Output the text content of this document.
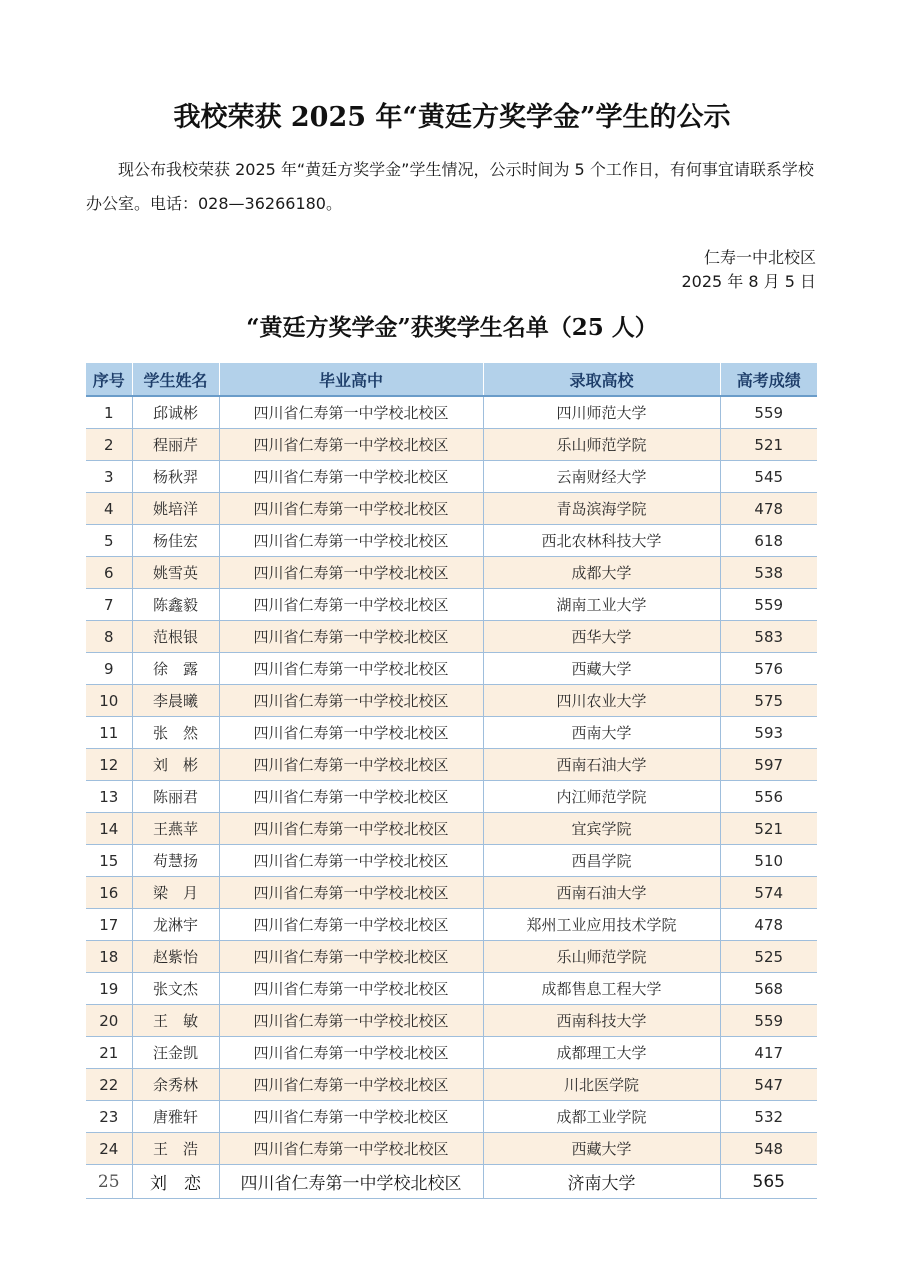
我校荣获 2025 年“黄廷方奖学金”学生的公示
现公布我校荣获 2025 年“黄廷方奖学金”学生情况，公示时间为 5 个工作日，有何事宜请联系学校办公室。电话：028—36266180。
仁寿一中北校区
2025 年 8 月 5 日
“黄廷方奖学金”获奖学生名单（25 人）
序号	学生姓名	毕业高中	录取高校	高考成绩
1	邱诚彬	四川省仁寿第一中学校北校区	四川师范大学	559
2	程丽芹	四川省仁寿第一中学校北校区	乐山师范学院	521
3	杨秋羿	四川省仁寿第一中学校北校区	云南财经大学	545
4	姚培洋	四川省仁寿第一中学校北校区	青岛滨海学院	478
5	杨佳宏	四川省仁寿第一中学校北校区	西北农林科技大学	618
6	姚雪英	四川省仁寿第一中学校北校区	成都大学	538
7	陈鑫毅	四川省仁寿第一中学校北校区	湖南工业大学	559
8	范根银	四川省仁寿第一中学校北校区	西华大学	583
9	徐　露	四川省仁寿第一中学校北校区	西藏大学	576
10	李晨曦	四川省仁寿第一中学校北校区	四川农业大学	575
11	张　然	四川省仁寿第一中学校北校区	西南大学	593
12	刘　彬	四川省仁寿第一中学校北校区	西南石油大学	597
13	陈丽君	四川省仁寿第一中学校北校区	内江师范学院	556
14	王燕苹	四川省仁寿第一中学校北校区	宜宾学院	521
15	苟慧扬	四川省仁寿第一中学校北校区	西昌学院	510
16	梁　月	四川省仁寿第一中学校北校区	西南石油大学	574
17	龙淋宇	四川省仁寿第一中学校北校区	郑州工业应用技术学院	478
18	赵紫怡	四川省仁寿第一中学校北校区	乐山师范学院	525
19	张文杰	四川省仁寿第一中学校北校区	成都售息工程大学	568
20	王　敏	四川省仁寿第一中学校北校区	西南科技大学	559
21	汪金凯	四川省仁寿第一中学校北校区	成都理工大学	417
22	余秀林	四川省仁寿第一中学校北校区	川北医学院	547
23	唐雅轩	四川省仁寿第一中学校北校区	成都工业学院	532
24	王　浩	四川省仁寿第一中学校北校区	西藏大学	548
25	刘　恋	四川省仁寿第一中学校北校区	济南大学	565
